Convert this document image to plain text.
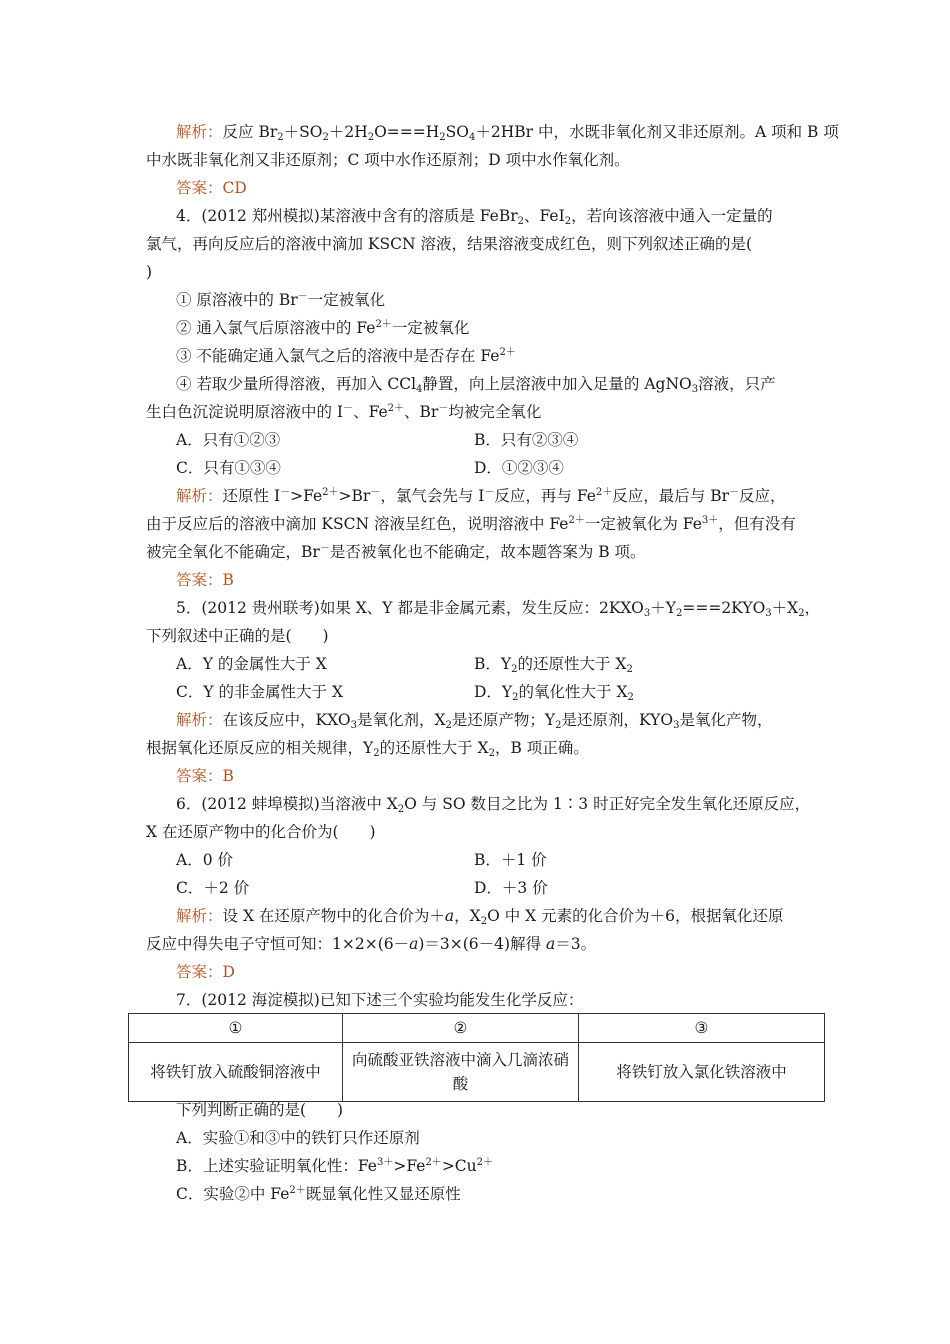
解析：反应 $Br_2+SO_2+2H_2O===H_2SO_4+2HBr$ 中，水既非氧化剂又非还原剂。A 项和 B 项
中水既非氧化剂又非还原剂；C 项中水作还原剂；D 项中水作氧化剂。
答案：CD
4．(2012 郑州模拟)某溶液中含有的溶质是 FeBr$_2$、FeI$_2$，若向该溶液中通入一定量的
氯气，再向反应后的溶液中滴加 KSCN 溶液，结果溶液变成红色，则下列叙述正确的是(
)
① 原溶液中的 Br－一定被氧化
② 通入氯气后原溶液中的 $Fe^{2+}$一定被氧化
③ 不能确定通入氯气之后的溶液中是否存在 $Fe^{2+}$
④ 若取少量所得溶液，再加入 CCl$_4$静置，向上层溶液中加入足量的 AgNO$_3$溶液，只产
生白色沉淀说明原溶液中的 I－、$Fe^{2+}$、Br－均被完全氧化
A．只有①②③	B．只有②③④
C．只有①③④	D．①②③④
解析：还原性 $I^->Fe^{2+}>Br^-$，氯气会先与 I－反应，再与 $Fe^{2+}$反应，最后与 Br－反应，
由于反应后的溶液中滴加 KSCN 溶液呈红色，说明溶液中 $Fe^{2+}$一定被氧化为 $Fe^{3+}$，但有没有
被完全氧化不能确定，Br－是否被氧化也不能确定，故本题答案为 B 项。
答案：B
5．(2012 贵州联考)如果 X、Y 都是非金属元素，发生反应：$2KXO_3+Y_2===2KYO_3+X_2$，
下列叙述中正确的是(　　)
A．Y 的金属性大于 X	B．$Y_2$的还原性大于 $X_2$
C．Y 的非金属性大于 X	D．$Y_2$的氧化性大于 $X_2$
解析：在该反应中，$KXO_3$是氧化剂，$X_2$是还原产物；$Y_2$是还原剂，$KYO_3$是氧化产物，
根据氧化还原反应的相关规律，$Y_2$的还原性大于 $X_2$，B 项正确。
答案：B
6．(2012 蚌埠模拟)当溶液中 $X_2O$ 与 SO 数目之比为 1∶3 时正好完全发生氧化还原反应，
X 在还原产物中的化合价为(　　)
A．0 价	B．＋1 价
C．＋2 价	D．＋3 价
解析：设 X 在还原产物中的化合价为＋a，$X_2O$ 中 X 元素的化合价为＋6，根据氧化还原
反应中得失电子守恒可知：1×2×(6－a)＝3×(6－4)解得 a＝3。
答案：D
7．(2012 海淀模拟)已知下述三个实验均能发生化学反应：
①	②	③
将铁钉放入硫酸铜溶液中	向硫酸亚铁溶液中滴入几滴浓硝酸	将铁钉放入氯化铁溶液中
下列判断正确的是(　　)
A．实验①和③中的铁钉只作还原剂
B．上述实验证明氧化性：$Fe^{3+}>Fe^{2+}>Cu^{2+}$
C．实验②中 $Fe^{2+}$既显氧化性又显还原性
